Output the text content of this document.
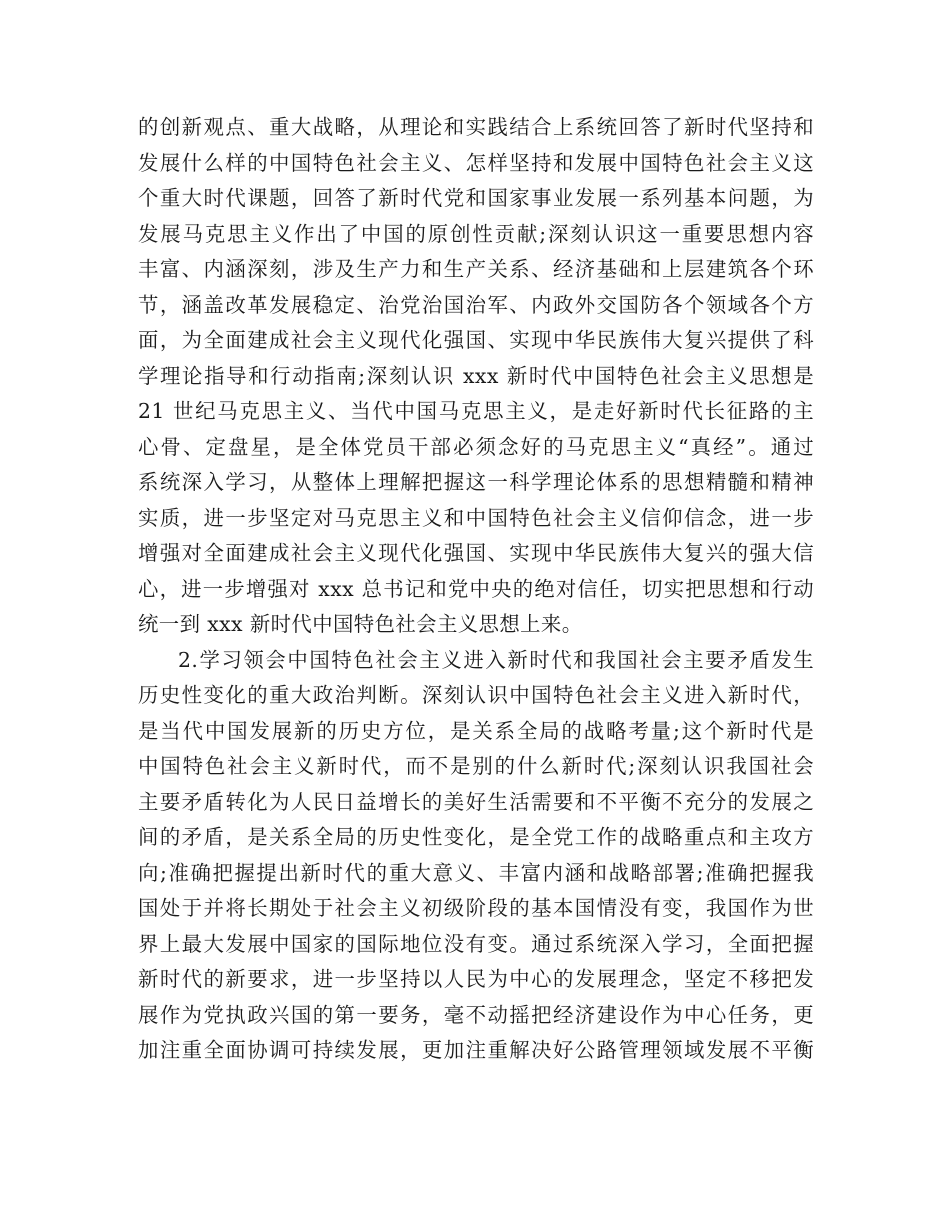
的创新观点、重大战略，从理论和实践结合上系统回答了新时代坚持和
发展什么样的中国特色社会主义、怎样坚持和发展中国特色社会主义这
个重大时代课题，回答了新时代党和国家事业发展一系列基本问题，为
发展马克思主义作出了中国的原创性贡献;深刻认识这一重要思想内容
丰富、内涵深刻，涉及生产力和生产关系、经济基础和上层建筑各个环
节，涵盖改革发展稳定、治党治国治军、内政外交国防各个领域各个方
面，为全面建成社会主义现代化强国、实现中华民族伟大复兴提供了科
学理论指导和行动指南;深刻认识 xxx 新时代中国特色社会主义思想是
21 世纪马克思主义、当代中国马克思主义，是走好新时代长征路的主
心骨、定盘星，是全体党员干部必须念好的马克思主义“真经”。通过
系统深入学习，从整体上理解把握这一科学理论体系的思想精髓和精神
实质，进一步坚定对马克思主义和中国特色社会主义信仰信念，进一步
增强对全面建成社会主义现代化强国、实现中华民族伟大复兴的强大信
心，进一步增强对 xxx 总书记和党中央的绝对信任，切实把思想和行动
统一到 xxx 新时代中国特色社会主义思想上来。
2.学习领会中国特色社会主义进入新时代和我国社会主要矛盾发生
历史性变化的重大政治判断。深刻认识中国特色社会主义进入新时代，
是当代中国发展新的历史方位，是关系全局的战略考量;这个新时代是
中国特色社会主义新时代，而不是别的什么新时代;深刻认识我国社会
主要矛盾转化为人民日益增长的美好生活需要和不平衡不充分的发展之
间的矛盾，是关系全局的历史性变化，是全党工作的战略重点和主攻方
向;准确把握提出新时代的重大意义、丰富内涵和战略部署;准确把握我
国处于并将长期处于社会主义初级阶段的基本国情没有变，我国作为世
界上最大发展中国家的国际地位没有变。通过系统深入学习，全面把握
新时代的新要求，进一步坚持以人民为中心的发展理念，坚定不移把发
展作为党执政兴国的第一要务，毫不动摇把经济建设作为中心任务，更
加注重全面协调可持续发展，更加注重解决好公路管理领域发展不平衡
